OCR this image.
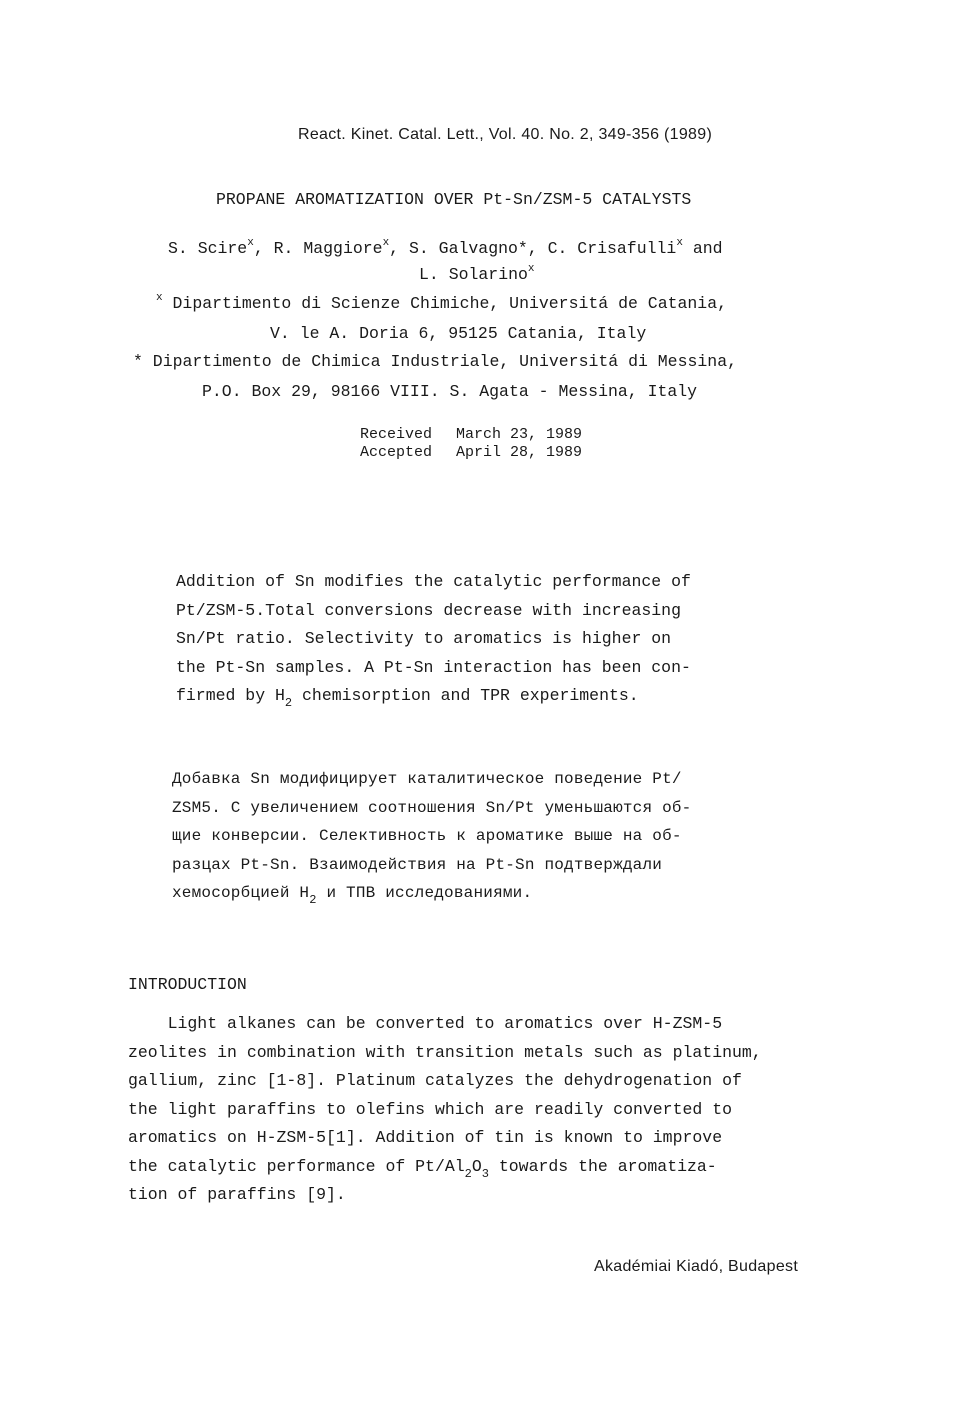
React. Kinet. Catal. Lett., Vol. 40. No. 2, 349-356 (1989)
PROPANE AROMATIZATION OVER Pt-Sn/ZSM-5 CATALYSTS
S. Scire$^x$, R. Maggiore$^x$, S. Galvagno*, C. Crisafulli$^x$ and
L. Solarino$^x$
$^x$ Dipartimento di Scienze Chimiche, Universitá de Catania,
V. le A. Doria 6, 95125 Catania, Italy
* Dipartimento de Chimica Industriale, Universitá di Messina,
P.O. Box 29, 98166 VIII. S. Agata - Messina, Italy
Received March 23, 1989
Accepted April 28, 1989
Addition of Sn modifies the catalytic performance of
Pt/ZSM-5.Total conversions decrease with increasing
Sn/Pt ratio. Selectivity to aromatics is higher on
the Pt-Sn samples. A Pt-Sn interaction has been con-
firmed by $H_2$ chemisorption and TPR experiments.
Добавка Sn модифицирует каталитическое поведение Pt/
ZSM5. С увеличением соотношения Sn/Pt уменьшаются об-
щие конверсии. Селективность к ароматике выше на об-
разцах Pt-Sn. Взаимодействия на Pt-Sn подтверждали
хемосорбцией $H_2$ и ТПВ исследованиями.
INTRODUCTION
Light alkanes can be converted to aromatics over H-ZSM-5
zeolites in combination with transition metals such as platinum,
gallium, zinc [1-8]. Platinum catalyzes the dehydrogenation of
the light paraffins to olefins which are readily converted to
aromatics on H-ZSM-5[1]. Addition of tin is known to improve
the catalytic performance of $Pt/Al_2O_3$ towards the aromatiza-
tion of paraffins [9].
Akadémiai Kiadó, Budapest
